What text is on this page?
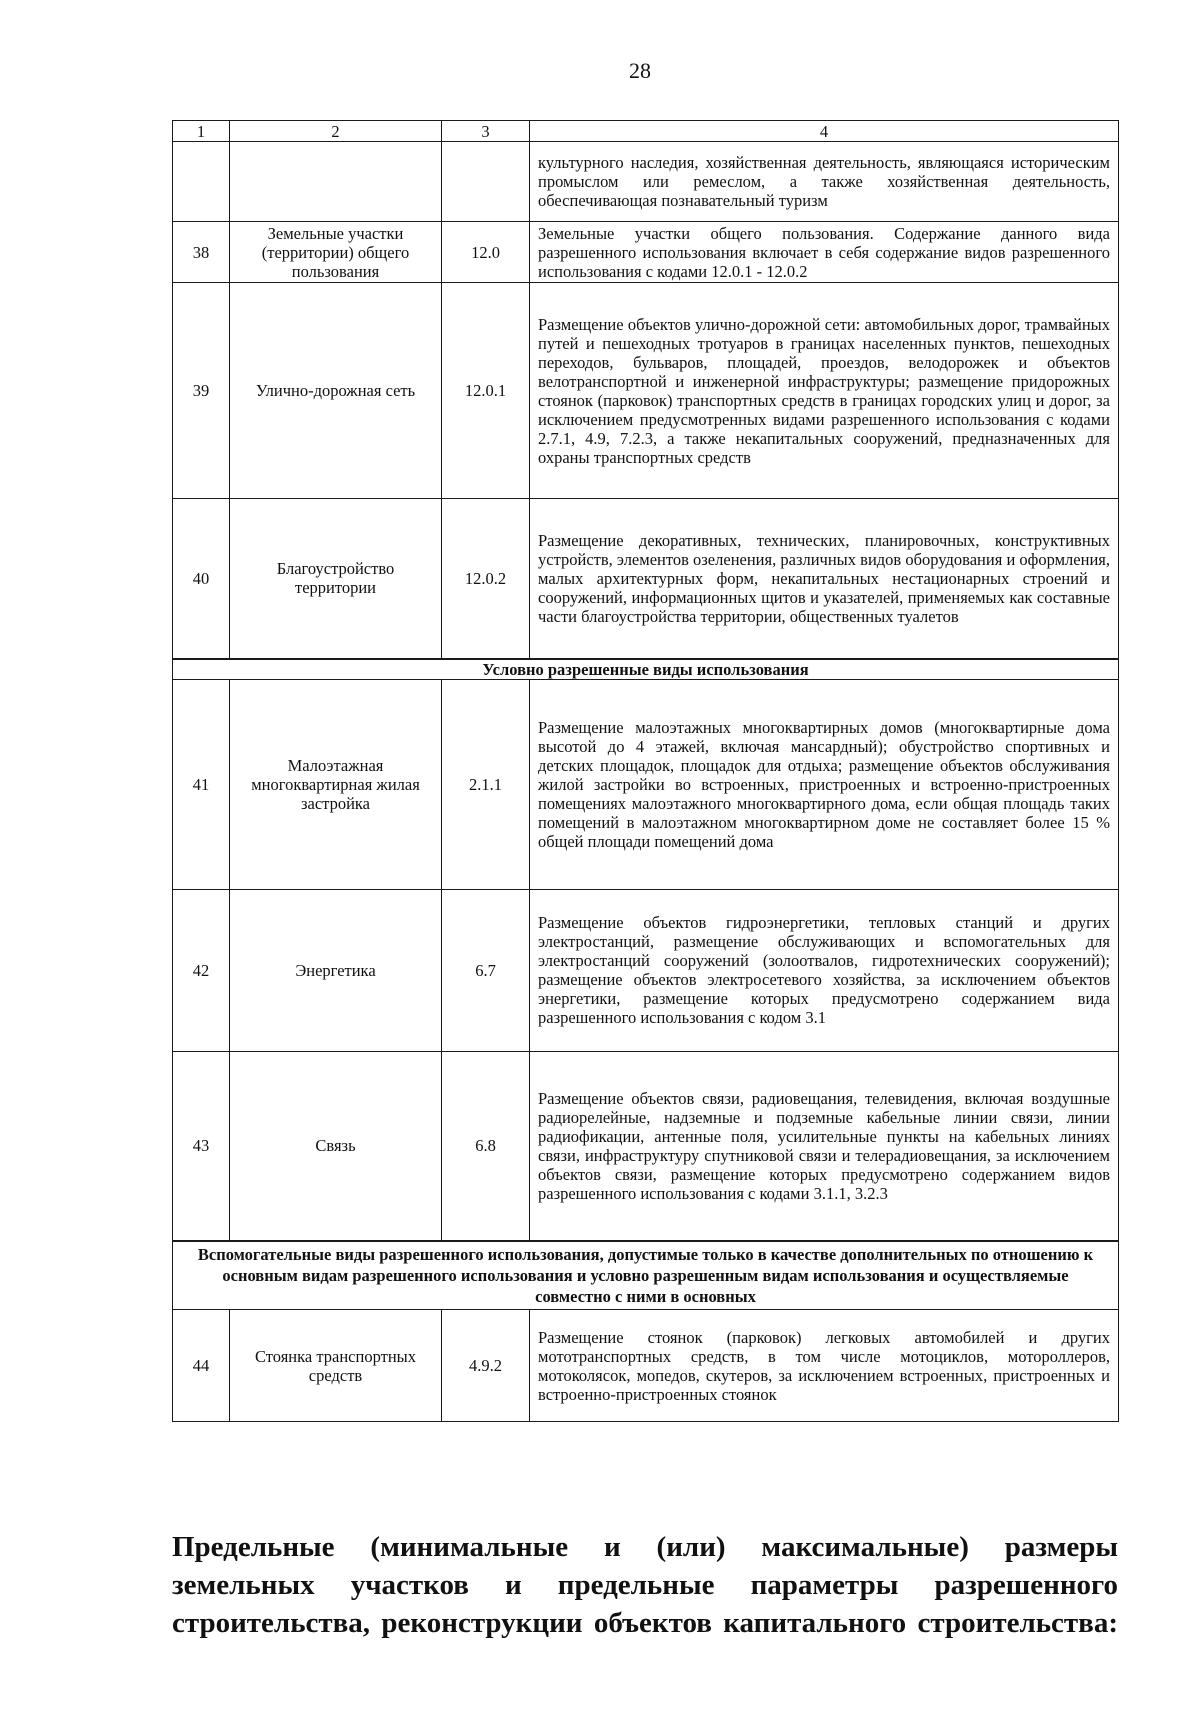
28
1	2	3	4
			культурного наследия, хозяйственная деятельность, являющаяся историческим промыслом или ремеслом, а также хозяйственная деятельность, обеспечивающая познавательный туризм
38	Земельные участки (территории) общего пользования	12.0	Земельные участки общего пользования. Содержание данного вида разрешенного использования включает в себя содержание видов разрешенного использования с кодами 12.0.1 - 12.0.2
39	Улично-дорожная сеть	12.0.1	Размещение объектов улично-дорожной сети: автомобильных дорог, трамвайных путей и пешеходных тротуаров в границах населенных пунктов, пешеходных переходов, бульваров, площадей, проездов, велодорожек и объектов велотранспортной и инженерной инфраструктуры; размещение придорожных стоянок (парковок) транспортных средств в границах городских улиц и дорог, за исключением предусмотренных видами разрешенного использования с кодами 2.7.1, 4.9, 7.2.3, а также некапитальных сооружений, предназначенных для охраны транспортных средств
40	Благоустройство территории	12.0.2	Размещение декоративных, технических, планировочных, конструктивных устройств, элементов озеленения, различных видов оборудования и оформления, малых архитектурных форм, некапитальных нестационарных строений и сооружений, информационных щитов и указателей, применяемых как составные части благоустройства территории, общественных туалетов
Условно разрешенные виды использования			
41	Малоэтажная многоквартирная жилая застройка	2.1.1	Размещение малоэтажных многоквартирных домов (многоквартирные дома высотой до 4 этажей, включая мансардный); обустройство спортивных и детских площадок, площадок для отдыха; размещение объектов обслуживания жилой застройки во встроенных, пристроенных и встроенно-пристроенных помещениях малоэтажного многоквартирного дома, если общая площадь таких помещений в малоэтажном многоквартирном доме не составляет более 15 % общей площади помещений дома
42	Энергетика	6.7	Размещение объектов гидроэнергетики, тепловых станций и других электростанций, размещение обслуживающих и вспомогательных для электростанций сооружений (золоотвалов, гидротехнических сооружений); размещение объектов электросетевого хозяйства, за исключением объектов энергетики, размещение которых предусмотрено содержанием вида разрешенного использования с кодом 3.1
43	Связь	6.8	Размещение объектов связи, радиовещания, телевидения, включая воздушные радиорелейные, надземные и подземные кабельные линии связи, линии радиофикации, антенные поля, усилительные пункты на кабельных линиях связи, инфраструктуру спутниковой связи и телерадиовещания, за исключением объектов связи, размещение которых предусмотрено содержанием видов разрешенного использования с кодами 3.1.1, 3.2.3
Вспомогательные виды разрешенного использования, допустимые только в качестве дополнительных по отношению к основным видам разрешенного использования и условно разрешенным видам использования и осуществляемые совместно с ними в основных			
44	Стоянка транспортных средств	4.9.2	Размещение стоянок (парковок) легковых автомобилей и других мототранспортных средств, в том числе мотоциклов, мотороллеров, мотоколясок, мопедов, скутеров, за исключением встроенных, пристроенных и встроенно-пристроенных стоянок
Предельные (минимальные и (или) максимальные) размеры земельных участков и предельные параметры разрешенного строительства, реконструкции объектов капитального строительства:
